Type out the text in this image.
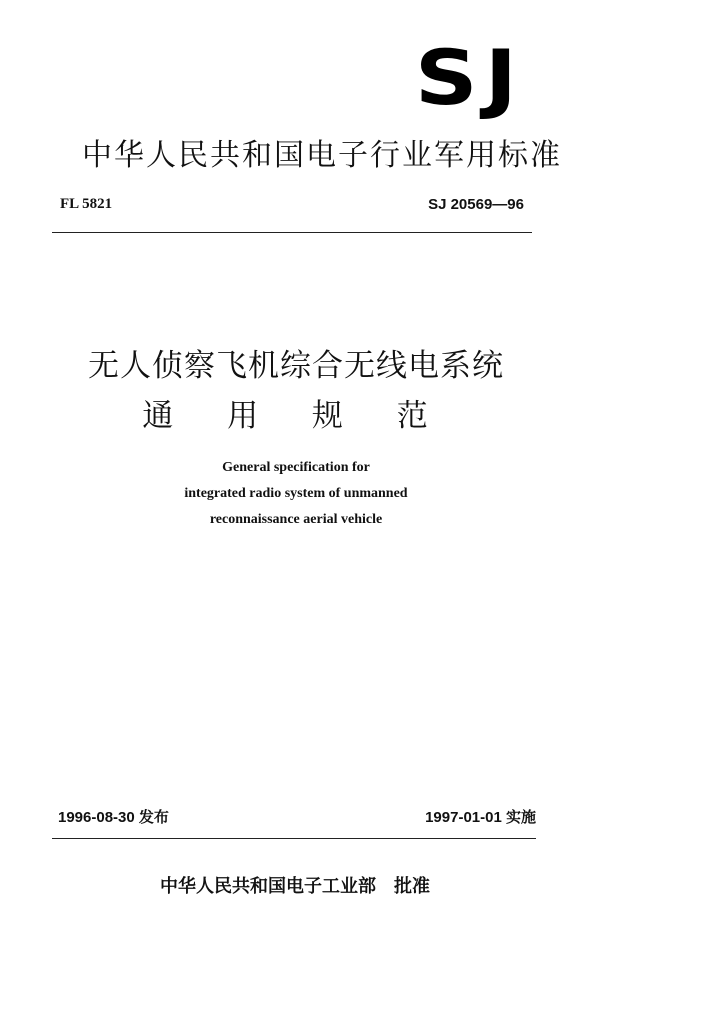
SJ
中华人民共和国电子行业军用标准
FL 5821	SJ 20569—96
无人侦察飞机综合无线电系统
通 用 规 范
General specification for
integrated radio system of unmanned
reconnaissance aerial vehicle
1996-08-30 发布	1997-01-01 实施
中华人民共和国电子工业部 批准
